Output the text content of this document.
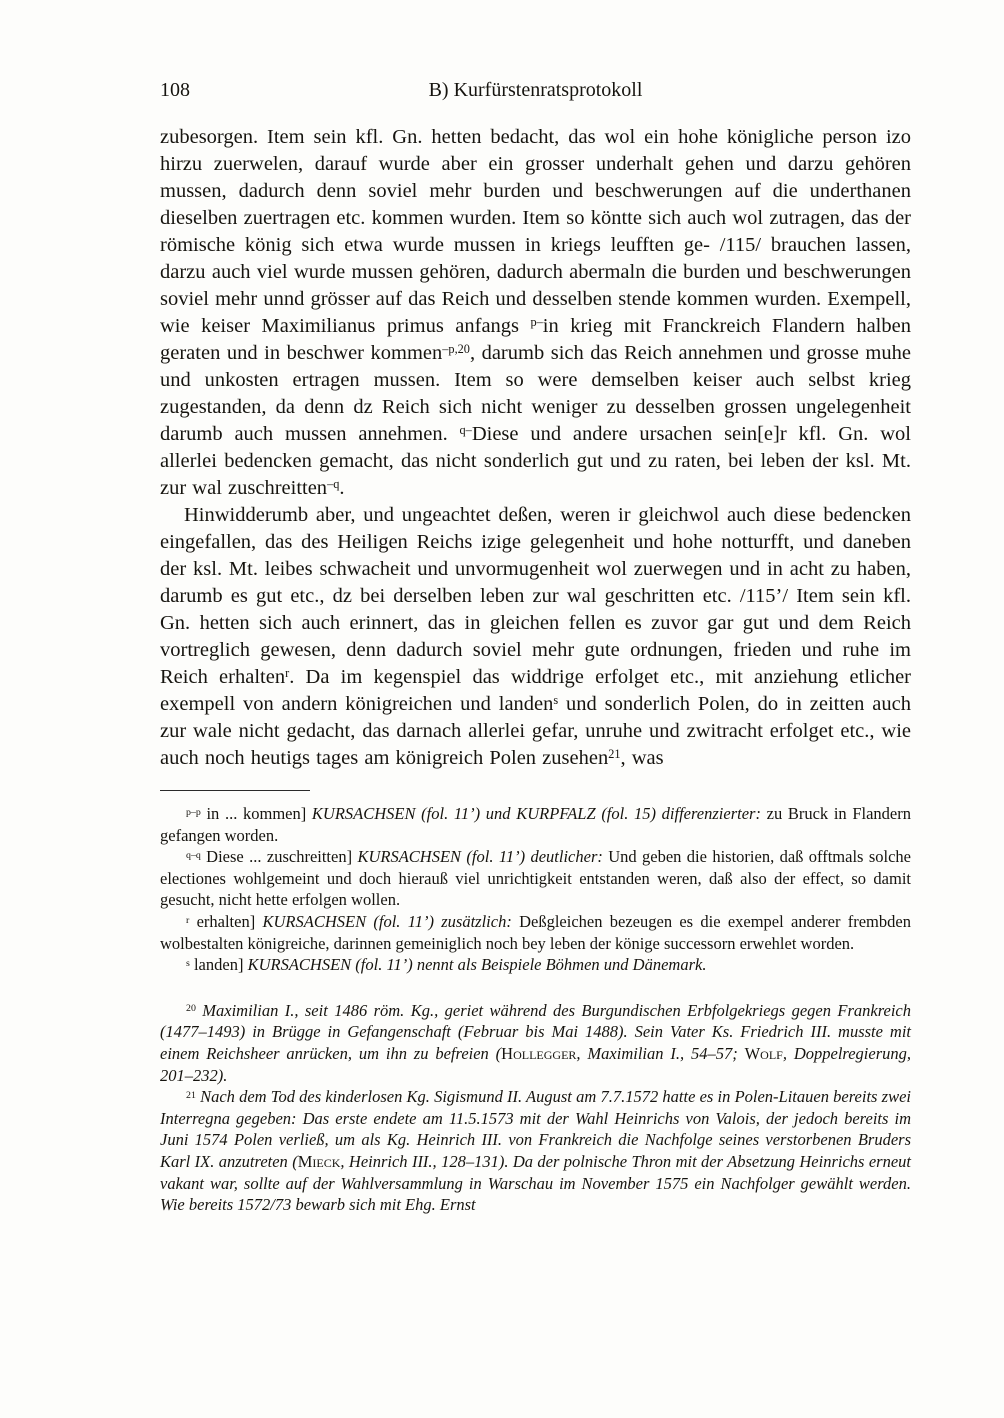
108	B) Kurfürstenratsprotokoll

zubesorgen. Item sein kfl. Gn. hetten bedacht, das wol ein hohe königliche person izo hirzu zuerwelen, darauf wurde aber ein grosser underhalt gehen und darzu gehören mussen, dadurch denn soviel mehr burden und beschwerungen auf die underthanen dieselben zuertragen etc. kommen wurden. Item so köntte sich auch wol zutragen, das der römische könig sich etwa wurde mussen in kriegs leufften ge- /115/ brauchen lassen, darzu auch viel wurde mussen gehören, dadurch abermaln die burden und beschwerungen soviel mehr unnd grösser auf das Reich und desselben stende kommen wurden. Exempell, wie keiser Maximilianus primus anfangs $^{p-}$in krieg mit Franckreich Flandern halben geraten und in beschwer kommen$^{-p,20}$, darumb sich das Reich annehmen und grosse muhe und unkosten ertragen mussen. Item so were demselben keiser auch selbst krieg zugestanden, da denn dz Reich sich nicht weniger zu desselben grossen ungelegenheit darumb auch mussen annehmen. $^{q-}$Diese und andere ursachen sein[e]r kfl. Gn. wol allerlei bedencken gemacht, das nicht sonderlich gut und zu raten, bei leben der ksl. Mt. zur wal zuschreitten$^{-q}$.

Hinwidderumb aber, und ungeachtet deßen, weren ir gleichwol auch diese bedencken eingefallen, das des Heiligen Reichs izige gelegenheit und hohe notturfft, und daneben der ksl. Mt. leibes schwacheit und unvormugenheit wol zuerwegen und in acht zu haben, darumb es gut etc., dz bei derselben leben zur wal geschritten etc. /115’/ Item sein kfl. Gn. hetten sich auch erinnert, das in gleichen fellen es zuvor gar gut und dem Reich vortreglich gewesen, denn dadurch soviel mehr gute ordnungen, frieden und ruhe im Reich erhalten$^r$. Da im kegenspiel das widdrige erfolget etc., mit anziehung etlicher exempell von andern königreichen und landen$^s$ und sonderlich Polen, do in zeitten auch zur wale nicht gedacht, das darnach allerlei gefar, unruhe und zwitracht erfolget etc., wie auch noch heutigs tages am königreich Polen zusehen$^{21}$, was

$^{p-p}$ in ... kommen] KURSACHSEN (fol. 11’) und KURPFALZ (fol. 15) differenzierter: zu Bruck in Flandern gefangen worden.

$^{q-q}$ Diese ... zuschreitten] KURSACHSEN (fol. 11’) deutlicher: Und geben die historien, daß offtmals solche electiones wohlgemeint und doch hierauß viel unrichtigkeit entstanden weren, daß also der effect, so damit gesucht, nicht hette erfolgen wollen.

$^r$ erhalten] KURSACHSEN (fol. 11’) zusätzlich: Deßgleichen bezeugen es die exempel anderer frembden wolbestalten königreiche, darinnen gemeiniglich noch bey leben der könige successorn erwehlet worden.

$^s$ landen] KURSACHSEN (fol. 11’) nennt als Beispiele Böhmen und Dänemark.

$^{20}$ Maximilian I., seit 1486 röm. Kg., geriet während des Burgundischen Erbfolgekriegs gegen Frankreich (1477–1493) in Brügge in Gefangenschaft (Februar bis Mai 1488). Sein Vater Ks. Friedrich III. musste mit einem Reichsheer anrücken, um ihn zu befreien (Hollegger, Maximilian I., 54–57; Wolf, Doppelregierung, 201–232).

$^{21}$ Nach dem Tod des kinderlosen Kg. Sigismund II. August am 7.7.1572 hatte es in Polen-Litauen bereits zwei Interregna gegeben: Das erste endete am 11.5.1573 mit der Wahl Heinrichs von Valois, der jedoch bereits im Juni 1574 Polen verließ, um als Kg. Heinrich III. von Frankreich die Nachfolge seines verstorbenen Bruders Karl IX. anzutreten (Mieck, Heinrich III., 128–131). Da der polnische Thron mit der Absetzung Heinrichs erneut vakant war, sollte auf der Wahlversammlung in Warschau im November 1575 ein Nachfolger gewählt werden. Wie bereits 1572/73 bewarb sich mit Ehg. Ernst
